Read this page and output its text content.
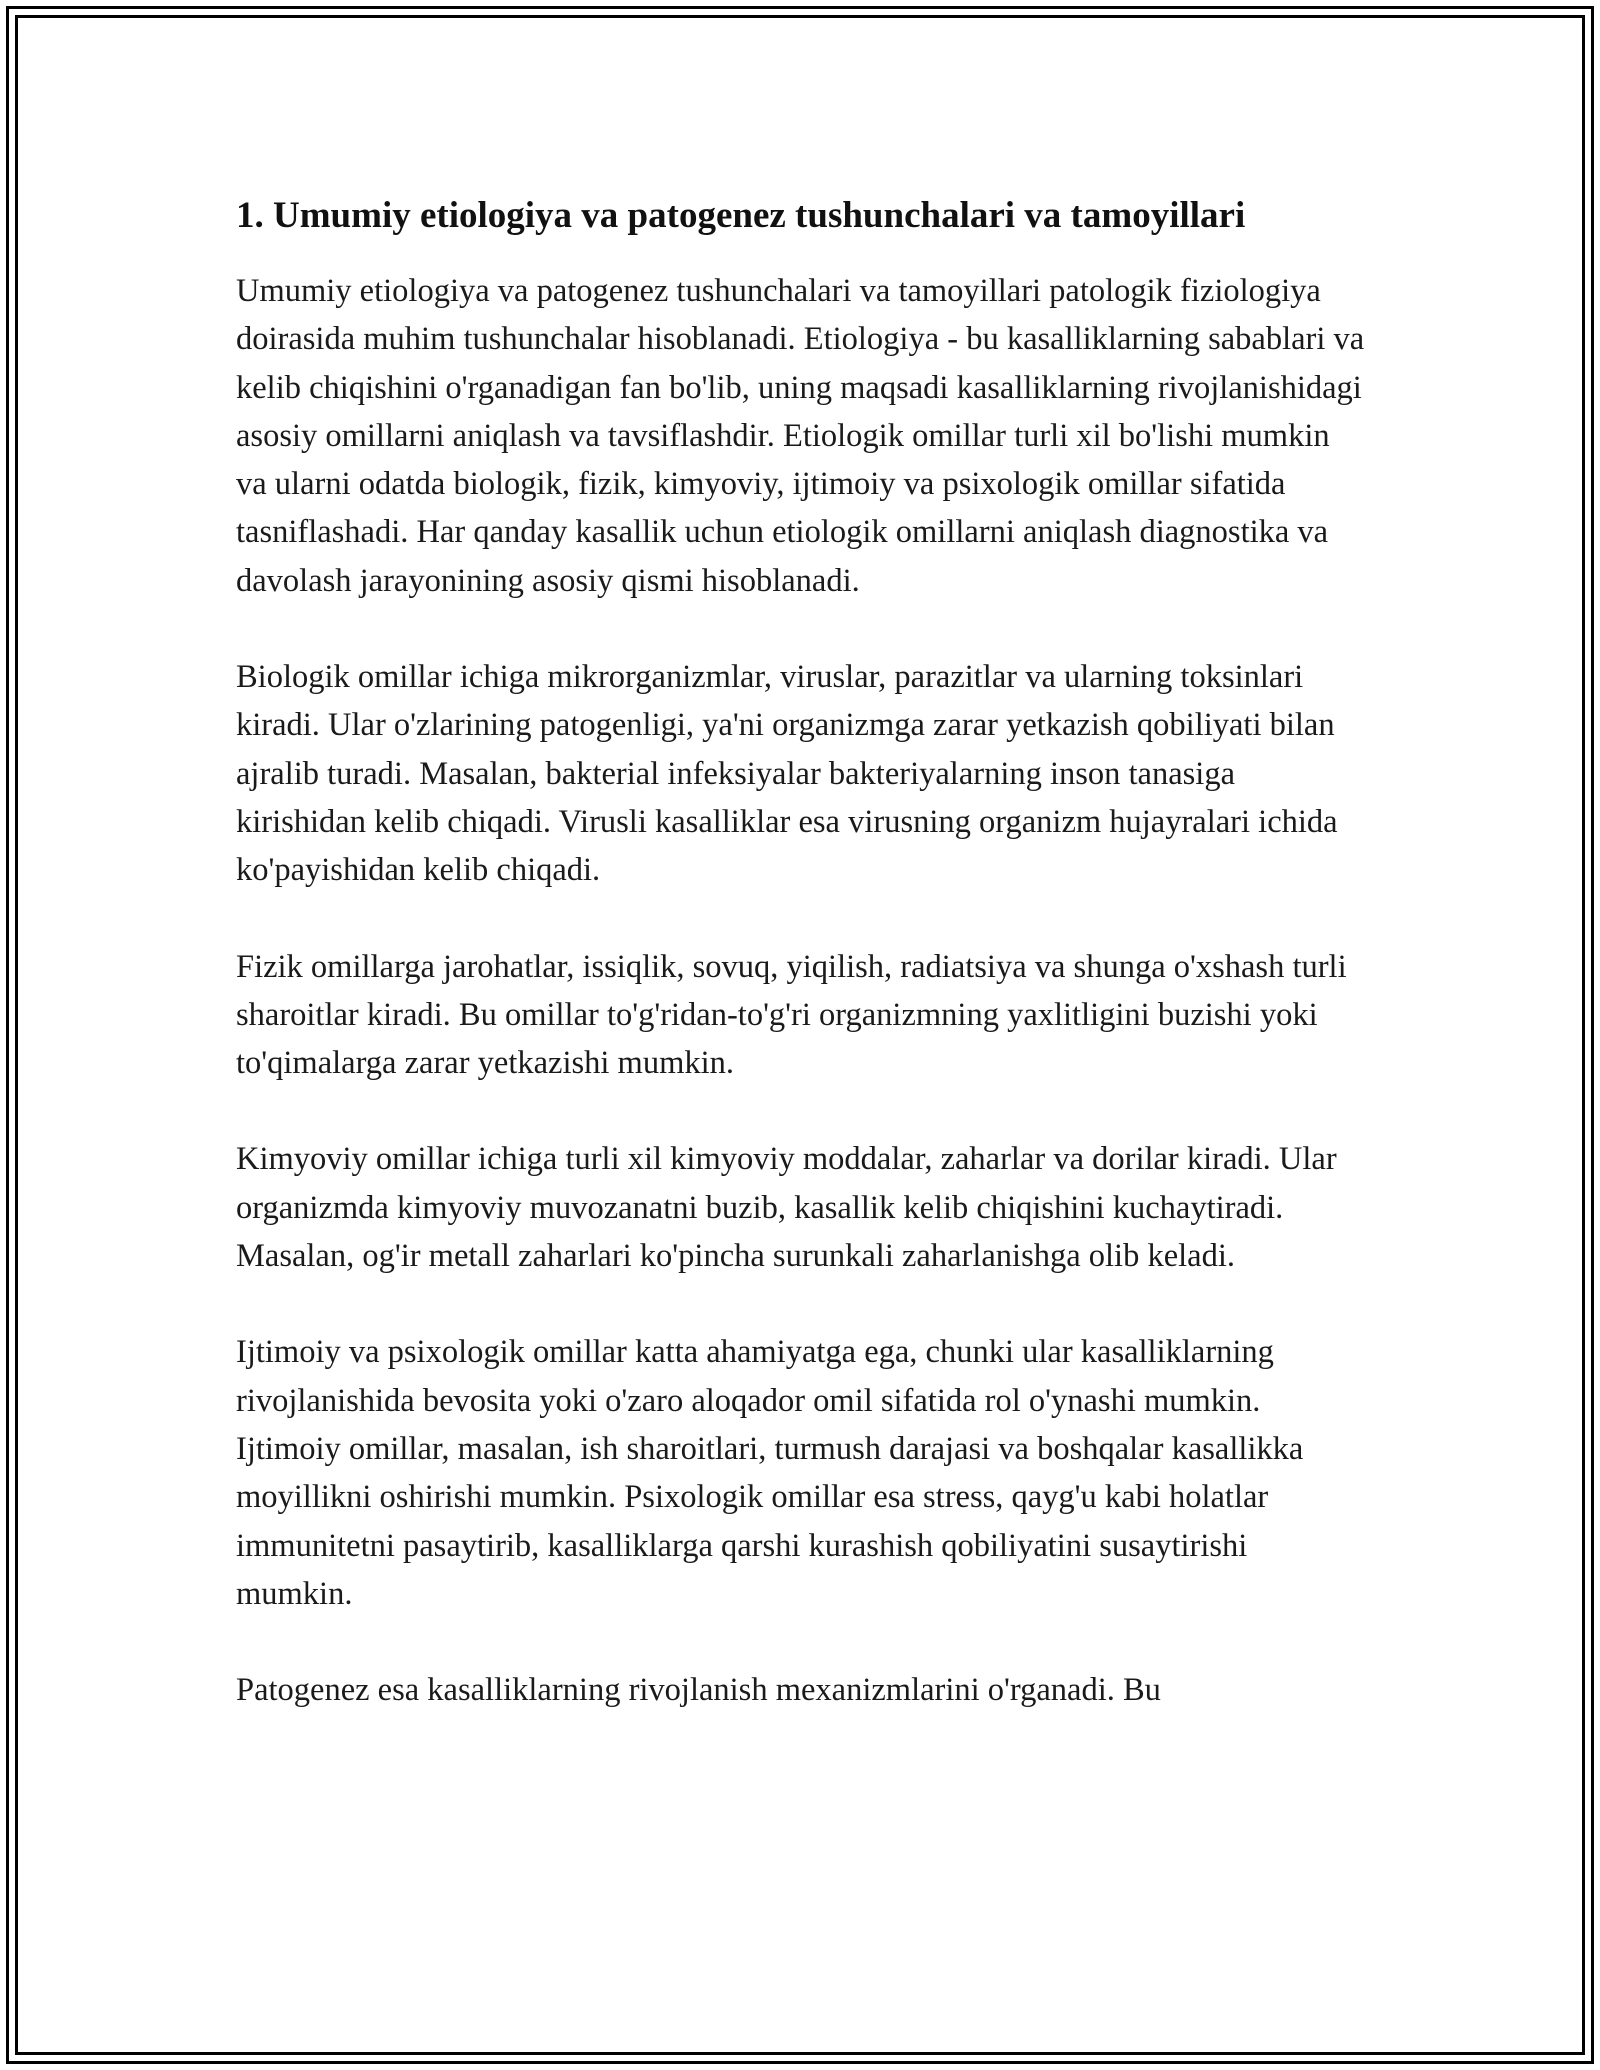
1. Umumiy etiologiya va patogenez tushunchalari va tamoyillari

Umumiy etiologiya va patogenez tushunchalari va tamoyillari patologik fiziologiya doirasida muhim tushunchalar hisoblanadi. Etiologiya - bu kasalliklarning sabablari va kelib chiqishini o'rganadigan fan bo'lib, uning maqsadi kasalliklarning rivojlanishidagi asosiy omillarni aniqlash va tavsiflashdir. Etiologik omillar turli xil bo'lishi mumkin va ularni odatda biologik, fizik, kimyoviy, ijtimoiy va psixologik omillar sifatida tasniflashadi. Har qanday kasallik uchun etiologik omillarni aniqlash diagnostika va davolash jarayonining asosiy qismi hisoblanadi.

Biologik omillar ichiga mikrorganizmlar, viruslar, parazitlar va ularning toksinlari kiradi. Ular o'zlarining patogenligi, ya'ni organizmga zarar yetkazish qobiliyati bilan ajralib turadi. Masalan, bakterial infeksiyalar bakteriyalarning inson tanasiga kirishidan kelib chiqadi. Virusli kasalliklar esa virusning organizm hujayralari ichida ko'payishidan kelib chiqadi.

Fizik omillarga jarohatlar, issiqlik, sovuq, yiqilish, radiatsiya va shunga o'xshash turli sharoitlar kiradi. Bu omillar to'g'ridan-to'g'ri organizmning yaxlitligini buzishi yoki to'qimalarga zarar yetkazishi mumkin.

Kimyoviy omillar ichiga turli xil kimyoviy moddalar, zaharlar va dorilar kiradi. Ular organizmda kimyoviy muvozanatni buzib, kasallik kelib chiqishini kuchaytiradi. Masalan, og'ir metall zaharlari ko'pincha surunkali zaharlanishga olib keladi.

Ijtimoiy va psixologik omillar katta ahamiyatga ega, chunki ular kasalliklarning rivojlanishida bevosita yoki o'zaro aloqador omil sifatida rol o'ynashi mumkin. Ijtimoiy omillar, masalan, ish sharoitlari, turmush darajasi va boshqalar kasallikka moyillikni oshirishi mumkin. Psixologik omillar esa stress, qayg'u kabi holatlar immunitetni pasaytirib, kasalliklarga qarshi kurashish qobiliyatini susaytirishi mumkin.

Patogenez esa kasalliklarning rivojlanish mexanizmlarini o'rganadi. Bu
